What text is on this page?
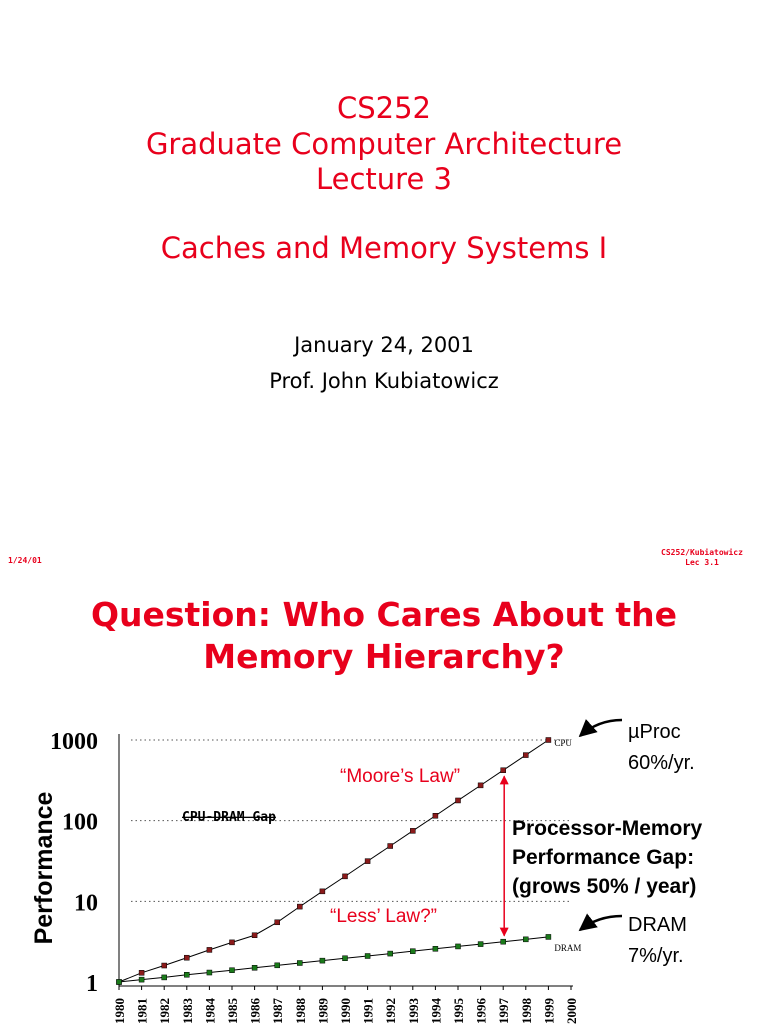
CS252
Graduate Computer Architecture
Lecture 3
Caches and Memory Systems I
January 24, 2001
Prof. John Kubiatowicz
1/24/01
CS252/Kubiatowicz
Lec 3.1
Question: Who Cares About the
Memory Hierarchy?
1
10
100
1000
Performance
1980 1981 1982 1983 1984 1985 1986 1987 1988 1989 1990 1991 1992 1993 1994 1995 1996 1997 1998 1999 2000
CPU
DRAM
“Moore’s Law”
“Less’ Law?”
CPU-DRAM Gap	Processor-Memory
Performance Gap:
(grows 50% / year)
µProc
60%/yr.
DRAM
7%/yr.
